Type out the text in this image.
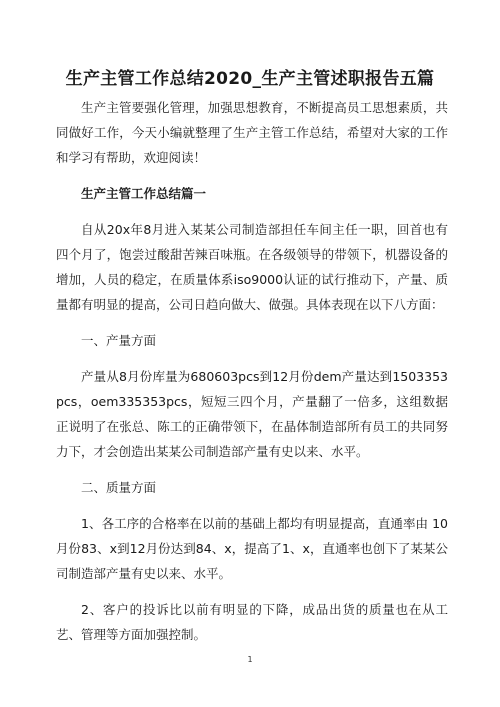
生产主管工作总结2020_生产主管述职报告五篇

生产主管要强化管理，加强思想教育，不断提高员工思想素质，共同做好工作，今天小编就整理了生产主管工作总结，希望对大家的工作和学习有帮助，欢迎阅读！

生产主管工作总结篇一

自从20x年8月进入某某公司制造部担任车间主任一职，回首也有四个月了，饱尝过酸甜苦辣百味瓶。在各级领导的带领下，机器设备的增加，人员的稳定，在质量体系iso9000认证的试行推动下，产量、质量都有明显的提高，公司日趋向做大、做强。具体表现在以下八方面：

一、产量方面

产量从8月份库量为680603pcs到12月份dem产量达到1503353pcs，oem335353pcs，短短三四个月，产量翻了一倍多，这组数据正说明了在张总、陈工的正确带领下，在晶体制造部所有员工的共同努力下，才会创造出某某公司制造部产量有史以来、水平。

二、质量方面

1、各工序的合格率在以前的基础上都均有明显提高，直通率由 10月份83、x到12月份达到84、x，提高了1、x，直通率也创下了某某公司制造部产量有史以来、水平。

2、客户的投诉比以前有明显的下降，成品出货的质量也在从工艺、管理等方面加强控制。

1
